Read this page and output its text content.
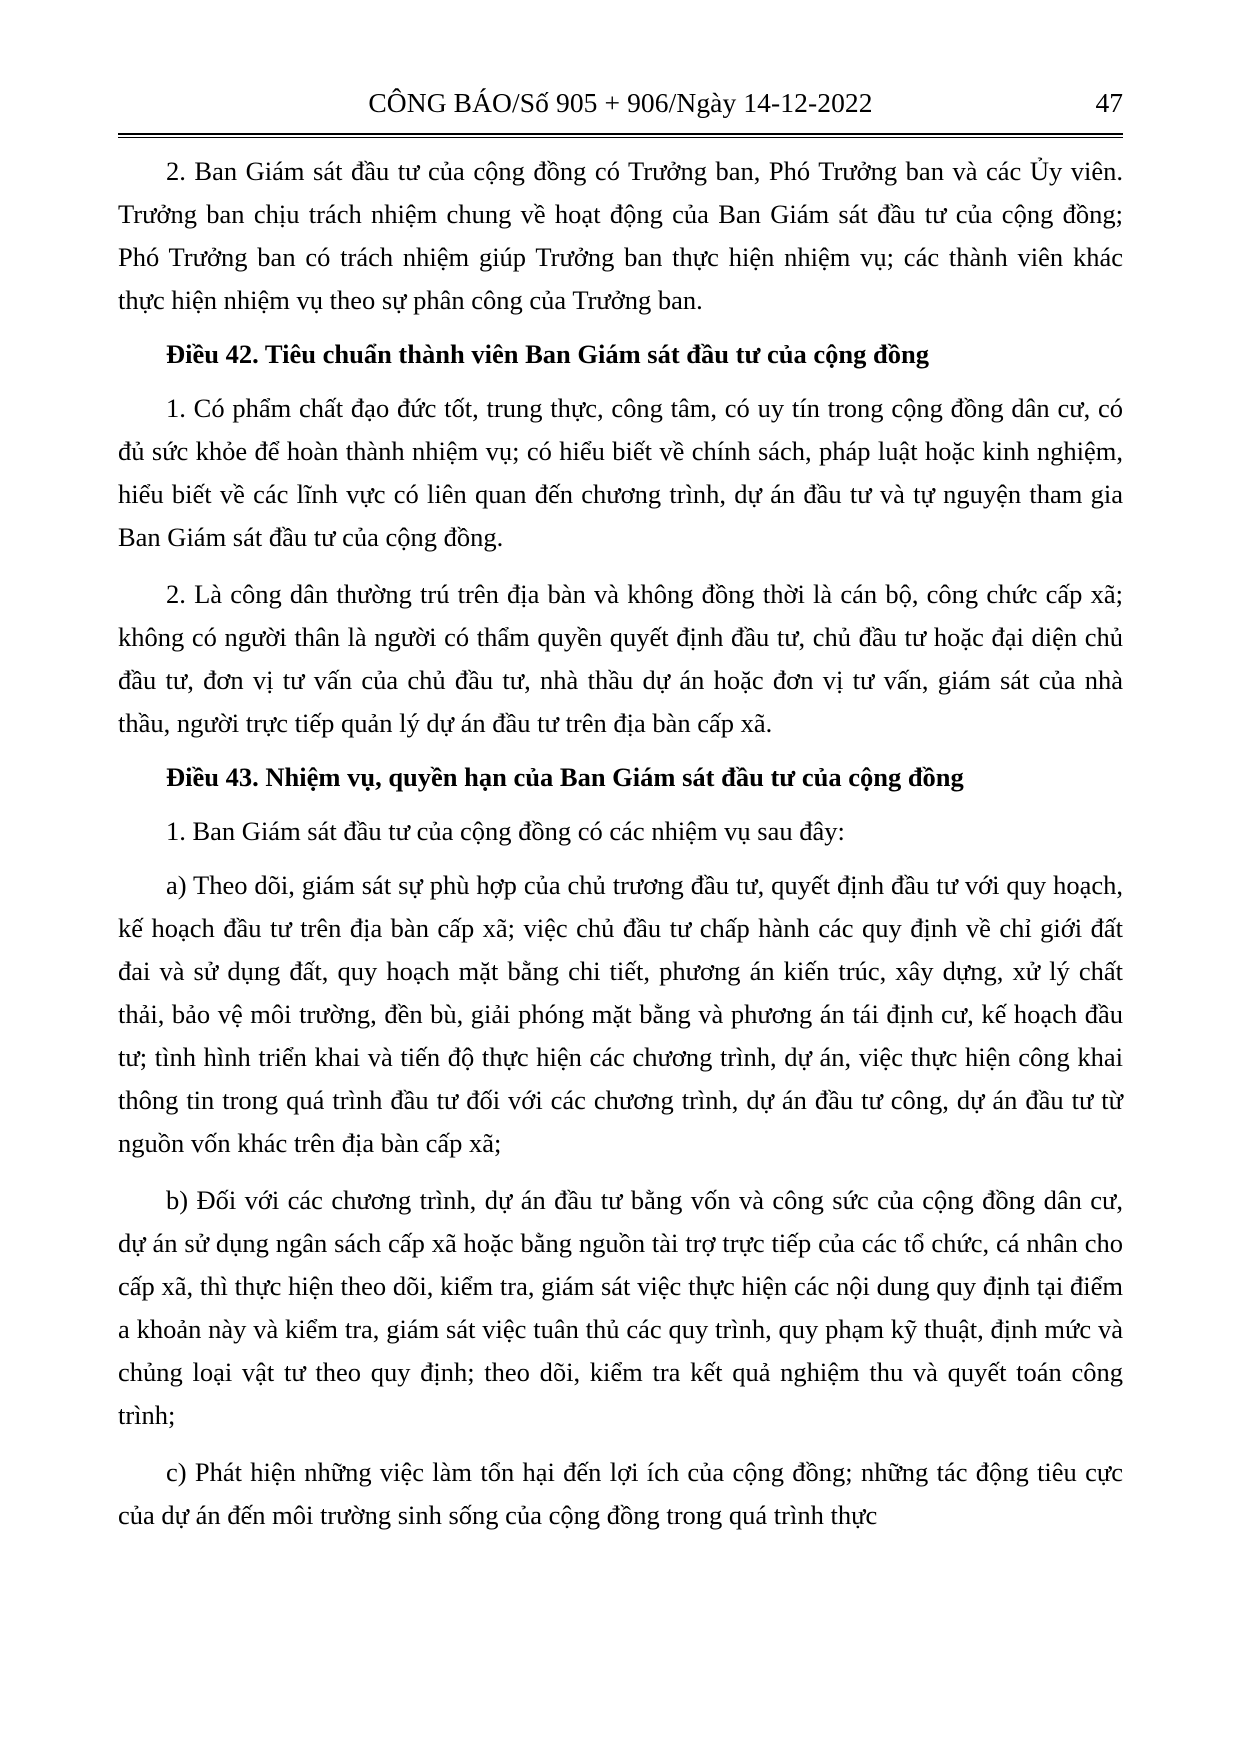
CÔNG BÁO/Số 905 + 906/Ngày 14-12-2022	47

2. Ban Giám sát đầu tư của cộng đồng có Trưởng ban, Phó Trưởng ban và các Ủy viên. Trưởng ban chịu trách nhiệm chung về hoạt động của Ban Giám sát đầu tư của cộng đồng; Phó Trưởng ban có trách nhiệm giúp Trưởng ban thực hiện nhiệm vụ; các thành viên khác thực hiện nhiệm vụ theo sự phân công của Trưởng ban.

Điều 42. Tiêu chuẩn thành viên Ban Giám sát đầu tư của cộng đồng

1. Có phẩm chất đạo đức tốt, trung thực, công tâm, có uy tín trong cộng đồng dân cư, có đủ sức khỏe để hoàn thành nhiệm vụ; có hiểu biết về chính sách, pháp luật hoặc kinh nghiệm, hiểu biết về các lĩnh vực có liên quan đến chương trình, dự án đầu tư và tự nguyện tham gia Ban Giám sát đầu tư của cộng đồng.

2. Là công dân thường trú trên địa bàn và không đồng thời là cán bộ, công chức cấp xã; không có người thân là người có thẩm quyền quyết định đầu tư, chủ đầu tư hoặc đại diện chủ đầu tư, đơn vị tư vấn của chủ đầu tư, nhà thầu dự án hoặc đơn vị tư vấn, giám sát của nhà thầu, người trực tiếp quản lý dự án đầu tư trên địa bàn cấp xã.

Điều 43. Nhiệm vụ, quyền hạn của Ban Giám sát đầu tư của cộng đồng

1. Ban Giám sát đầu tư của cộng đồng có các nhiệm vụ sau đây:

a) Theo dõi, giám sát sự phù hợp của chủ trương đầu tư, quyết định đầu tư với quy hoạch, kế hoạch đầu tư trên địa bàn cấp xã; việc chủ đầu tư chấp hành các quy định về chỉ giới đất đai và sử dụng đất, quy hoạch mặt bằng chi tiết, phương án kiến trúc, xây dựng, xử lý chất thải, bảo vệ môi trường, đền bù, giải phóng mặt bằng và phương án tái định cư, kế hoạch đầu tư; tình hình triển khai và tiến độ thực hiện các chương trình, dự án, việc thực hiện công khai thông tin trong quá trình đầu tư đối với các chương trình, dự án đầu tư công, dự án đầu tư từ nguồn vốn khác trên địa bàn cấp xã;

b) Đối với các chương trình, dự án đầu tư bằng vốn và công sức của cộng đồng dân cư, dự án sử dụng ngân sách cấp xã hoặc bằng nguồn tài trợ trực tiếp của các tổ chức, cá nhân cho cấp xã, thì thực hiện theo dõi, kiểm tra, giám sát việc thực hiện các nội dung quy định tại điểm a khoản này và kiểm tra, giám sát việc tuân thủ các quy trình, quy phạm kỹ thuật, định mức và chủng loại vật tư theo quy định; theo dõi, kiểm tra kết quả nghiệm thu và quyết toán công trình;

c) Phát hiện những việc làm tổn hại đến lợi ích của cộng đồng; những tác động tiêu cực của dự án đến môi trường sinh sống của cộng đồng trong quá trình thực
